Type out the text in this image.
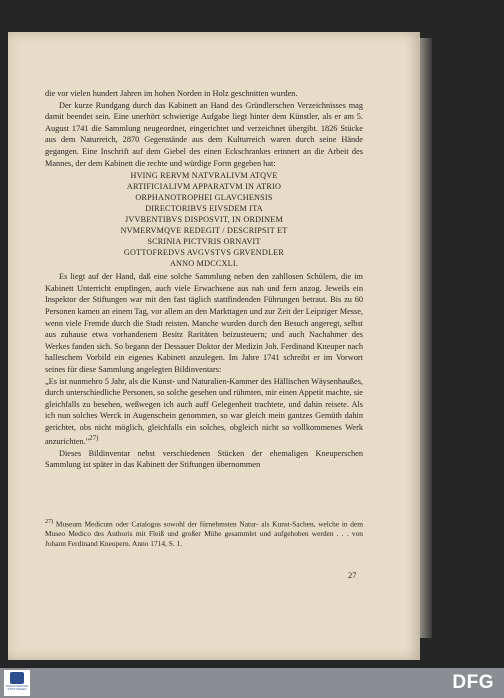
die vor vielen hundert Jahren im hohen Norden in Holz geschnitten wurden.

Der kurze Rundgang durch das Kabinett an Hand des Gründlerschen Verzeichnisses mag damit beendet sein. Eine unerhört schwierige Aufgabe liegt hinter dem Künstler, als er am 5. August 1741 die Sammlung neugeordnet, eingerichtet und verzeichnet übergibt. 1826 Stücke aus dem Naturreich, 2870 Gegenstände aus dem Kulturreich waren durch seine Hände gegangen. Eine Inschrift auf dem Giebel des einen Eckschrankes erinnert an die Arbeit des Mannes, der dem Kabinett die rechte und würdige Form gegeben hat:

HVING RERVM NATVRALIVM ATQVE
ARTIFICIALIVM APPARATVM IN ATRIO
ORPHANOTROPHEI GLAVCHENSIS
DIRECTORIBVS EIVSDEM ITA
JVVBENTIBVS DISPOSVIT, IN ORDINEM
NVMERVMQVE REDEGIT / DESCRIPSIT ET
SCRINIA PICTVRIS ORNAVIT
GOTTOFREDVS AVGVSTVS GRVENDLER
ANNO MDCCXLI.

Es liegt auf der Hand, daß eine solche Sammlung neben den zahllosen Schülern, die im Kabinett Unterricht empfingen, auch viele Erwachsene aus nah und fern anzog. Jeweils ein Inspektor der Stiftungen war mit den fast täglich stattfindenden Führungen betraut. Bis zu 60 Personen kamen an einem Tag, vor allem an den Markttagen und zur Zeit der Leipziger Messe, wenn viele Fremde durch die Stadt reisten. Manche wurden durch den Besuch angeregt, selbst aus zuhause etwa vorhandenem Besitz Raritäten beizusteuern; und auch Nachahmer des Werkes fanden sich. So begann der Dessauer Doktor der Medizin Joh. Ferdinand Kneuper nach halleschem Vorbild ein eigenes Kabinett anzulegen. Im Jahre 1741 schreibt er im Vorwort seines für diese Sammlung angelegten Bildinventars:

„Es ist nunmehro 5 Jahr, als die Kunst- und Naturalien-Kammer des Hällischen Wäysenhaußes, durch unterschiedliche Personen, so solche gesehen und rühmten, mir einen Appetit machte, sie gleichfalls zu besehen, weßwegen ich auch auff Gelegenheit trachtete, und dahin reisete. Als ich nun solches Werck in Augenschein genommen, so war gleich mein gantzes Gemüth dahin gerichtet, obs nicht möglich, gleichfalls ein solches, obgleich nicht so vollkommenes Werk anzurichten."$^{27)}$

Dieses Bildinventar nebst verschiedenen Stücken der ehemaligen Kneuperschen Sammlung ist später in das Kabinett der Stiftungen übernommen

$^{27)}$ Museum Medicum oder Catalogus sowohl der fürnehmsten Natur- als Kunst-Sachen, welche in dem Museo Medico des Authoris mit Fleiß und großer Mühe gesammlet und aufgehoben werden . . . von Johann Ferdinand Kneupern. Anno 1714, S. 1.
27
FRANCKESCHE STIFTUNGEN	DFG
